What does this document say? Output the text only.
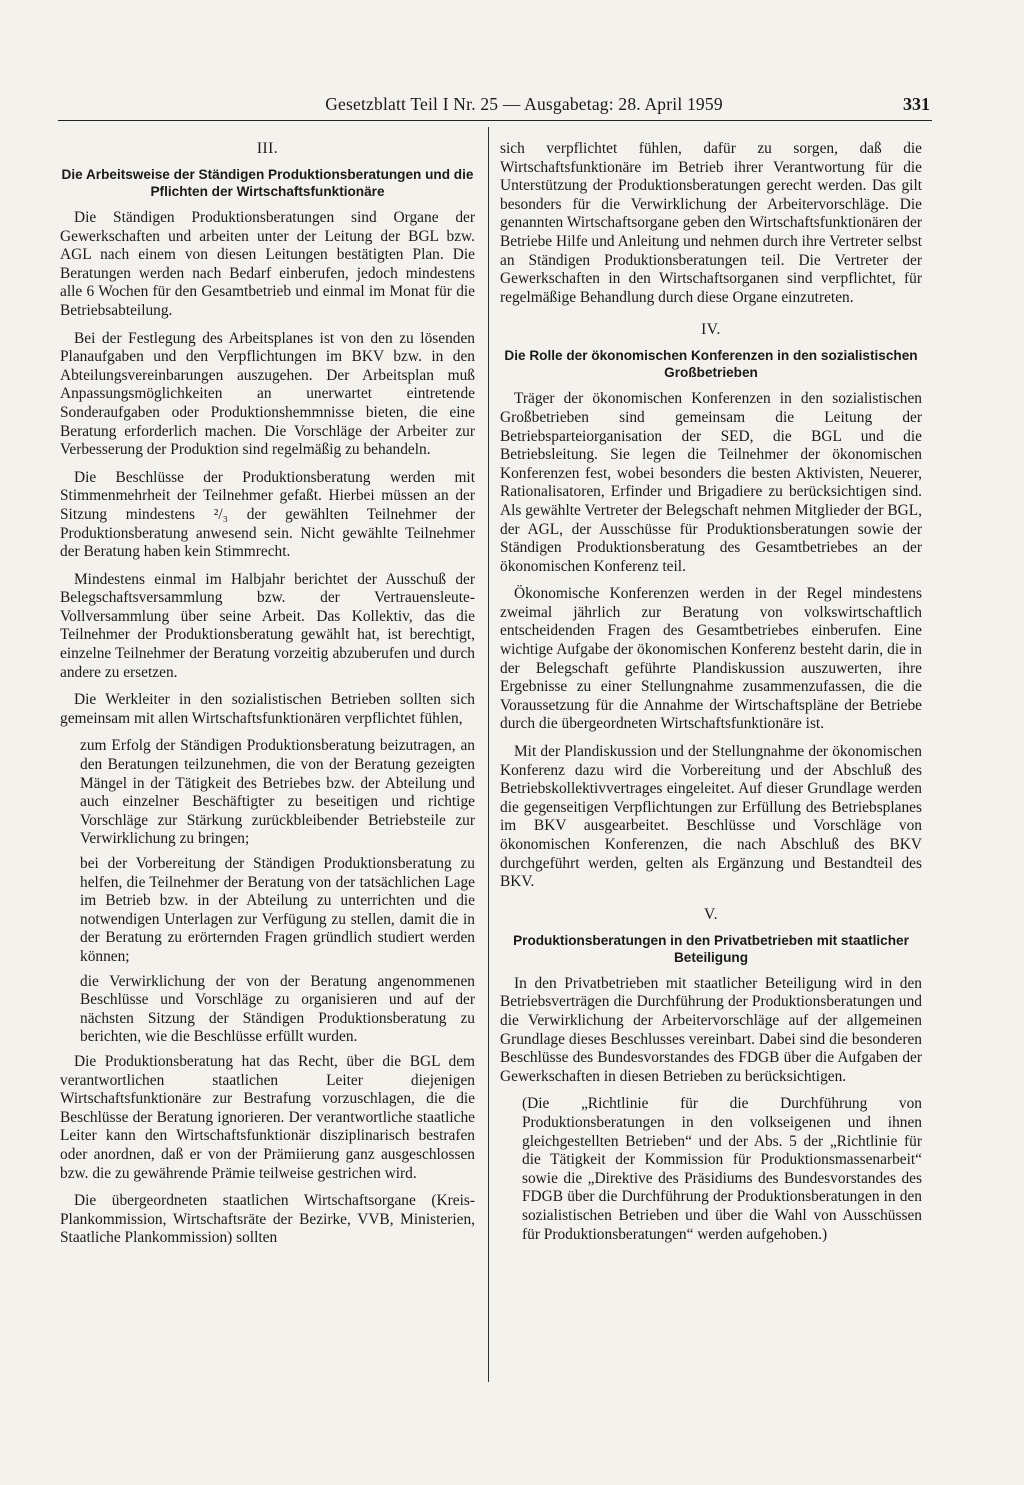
Gesetzblatt Teil I Nr. 25 — Ausgabetag: 28. April 1959	331
III.
Die Arbeitsweise der Ständigen Produktionsberatungen und die Pflichten der Wirtschaftsfunktionäre

Die Ständigen Produktionsberatungen sind Organe der Gewerkschaften und arbeiten unter der Leitung der BGL bzw. AGL nach einem von diesen Leitungen bestätigten Plan. Die Beratungen werden nach Bedarf einberufen, jedoch mindestens alle 6 Wochen für den Gesamtbetrieb und einmal im Monat für die Betriebsabteilung.

Bei der Festlegung des Arbeitsplanes ist von den zu lösenden Planaufgaben und den Verpflichtungen im BKV bzw. in den Abteilungsvereinbarungen auszugehen. Der Arbeitsplan muß Anpassungsmöglichkeiten an unerwartet eintretende Sonderaufgaben oder Produktionshemmnisse bieten, die eine Beratung erforderlich machen. Die Vorschläge der Arbeiter zur Verbesserung der Produktion sind regelmäßig zu behandeln.

Die Beschlüsse der Produktionsberatung werden mit Stimmenmehrheit der Teilnehmer gefaßt. Hierbei müssen an der Sitzung mindestens ²/₃ der gewählten Teilnehmer der Produktionsberatung anwesend sein. Nicht gewählte Teilnehmer der Beratung haben kein Stimmrecht.

Mindestens einmal im Halbjahr berichtet der Ausschuß der Belegschaftsversammlung bzw. der Vertrauensleute-Vollversammlung über seine Arbeit. Das Kollektiv, das die Teilnehmer der Produktionsberatung gewählt hat, ist berechtigt, einzelne Teilnehmer der Beratung vorzeitig abzuberufen und durch andere zu ersetzen.

Die Werkleiter in den sozialistischen Betrieben sollten sich gemeinsam mit allen Wirtschaftsfunktionären verpflichtet fühlen,

zum Erfolg der Ständigen Produktionsberatung beizutragen, an den Beratungen teilzunehmen, die von der Beratung gezeigten Mängel in der Tätigkeit des Betriebes bzw. der Abteilung und auch einzelner Beschäftigter zu beseitigen und richtige Vorschläge zur Stärkung zurückbleibender Betriebsteile zur Verwirklichung zu bringen;

bei der Vorbereitung der Ständigen Produktionsberatung zu helfen, die Teilnehmer der Beratung von der tatsächlichen Lage im Betrieb bzw. in der Abteilung zu unterrichten und die notwendigen Unterlagen zur Verfügung zu stellen, damit die in der Beratung zu erörternden Fragen gründlich studiert werden können;

die Verwirklichung der von der Beratung angenommenen Beschlüsse und Vorschläge zu organisieren und auf der nächsten Sitzung der Ständigen Produktionsberatung zu berichten, wie die Beschlüsse erfüllt wurden.

Die Produktionsberatung hat das Recht, über die BGL dem verantwortlichen staatlichen Leiter diejenigen Wirtschaftsfunktionäre zur Bestrafung vorzuschlagen, die die Beschlüsse der Beratung ignorieren. Der verantwortliche staatliche Leiter kann den Wirtschaftsfunktionär disziplinarisch bestrafen oder anordnen, daß er von der Prämiierung ganz ausgeschlossen bzw. die zu gewährende Prämie teilweise gestrichen wird.

Die übergeordneten staatlichen Wirtschaftsorgane (Kreis-Plankommission, Wirtschaftsräte der Bezirke, VVB, Ministerien, Staatliche Plankommission) sollten

sich verpflichtet fühlen, dafür zu sorgen, daß die Wirtschaftsfunktionäre im Betrieb ihrer Verantwortung für die Unterstützung der Produktionsberatungen gerecht werden. Das gilt besonders für die Verwirklichung der Arbeitervorschläge. Die genannten Wirtschaftsorgane geben den Wirtschaftsfunktionären der Betriebe Hilfe und Anleitung und nehmen durch ihre Vertreter selbst an Ständigen Produktionsberatungen teil. Die Vertreter der Gewerkschaften in den Wirtschaftsorganen sind verpflichtet, für regelmäßige Behandlung durch diese Organe einzutreten.

IV.
Die Rolle der ökonomischen Konferenzen in den sozialistischen Großbetrieben

Träger der ökonomischen Konferenzen in den sozialistischen Großbetrieben sind gemeinsam die Leitung der Betriebsparteiorganisation der SED, die BGL und die Betriebsleitung. Sie legen die Teilnehmer der ökonomischen Konferenzen fest, wobei besonders die besten Aktivisten, Neuerer, Rationalisatoren, Erfinder und Brigadiere zu berücksichtigen sind. Als gewählte Vertreter der Belegschaft nehmen Mitglieder der BGL, der AGL, der Ausschüsse für Produktionsberatungen sowie der Ständigen Produktionsberatung des Gesamtbetriebes an der ökonomischen Konferenz teil.

Ökonomische Konferenzen werden in der Regel mindestens zweimal jährlich zur Beratung von volkswirtschaftlich entscheidenden Fragen des Gesamtbetriebes einberufen. Eine wichtige Aufgabe der ökonomischen Konferenz besteht darin, die in der Belegschaft geführte Plandiskussion auszuwerten, ihre Ergebnisse zu einer Stellungnahme zusammenzufassen, die die Voraussetzung für die Annahme der Wirtschaftspläne der Betriebe durch die übergeordneten Wirtschaftsfunktionäre ist.

Mit der Plandiskussion und der Stellungnahme der ökonomischen Konferenz dazu wird die Vorbereitung und der Abschluß des Betriebskollektivvertrages eingeleitet. Auf dieser Grundlage werden die gegenseitigen Verpflichtungen zur Erfüllung des Betriebsplanes im BKV ausgearbeitet. Beschlüsse und Vorschläge von ökonomischen Konferenzen, die nach Abschluß des BKV durchgeführt werden, gelten als Ergänzung und Bestandteil des BKV.

V.
Produktionsberatungen in den Privatbetrieben mit staatlicher Beteiligung

In den Privatbetrieben mit staatlicher Beteiligung wird in den Betriebsverträgen die Durchführung der Produktionsberatungen und die Verwirklichung der Arbeitervorschläge auf der allgemeinen Grundlage dieses Beschlusses vereinbart. Dabei sind die besonderen Beschlüsse des Bundesvorstandes des FDGB über die Aufgaben der Gewerkschaften in diesen Betrieben zu berücksichtigen.

(Die „Richtlinie für die Durchführung von Produktionsberatungen in den volkseigenen und ihnen gleichgestellten Betrieben“ und der Abs. 5 der „Richtlinie für die Tätigkeit der Kommission für Produktionsmassenarbeit“ sowie die „Direktive des Präsidiums des Bundesvorstandes des FDGB über die Durchführung der Produktionsberatungen in den sozialistischen Betrieben und über die Wahl von Ausschüssen für Produktionsberatungen“ werden aufgehoben.)
